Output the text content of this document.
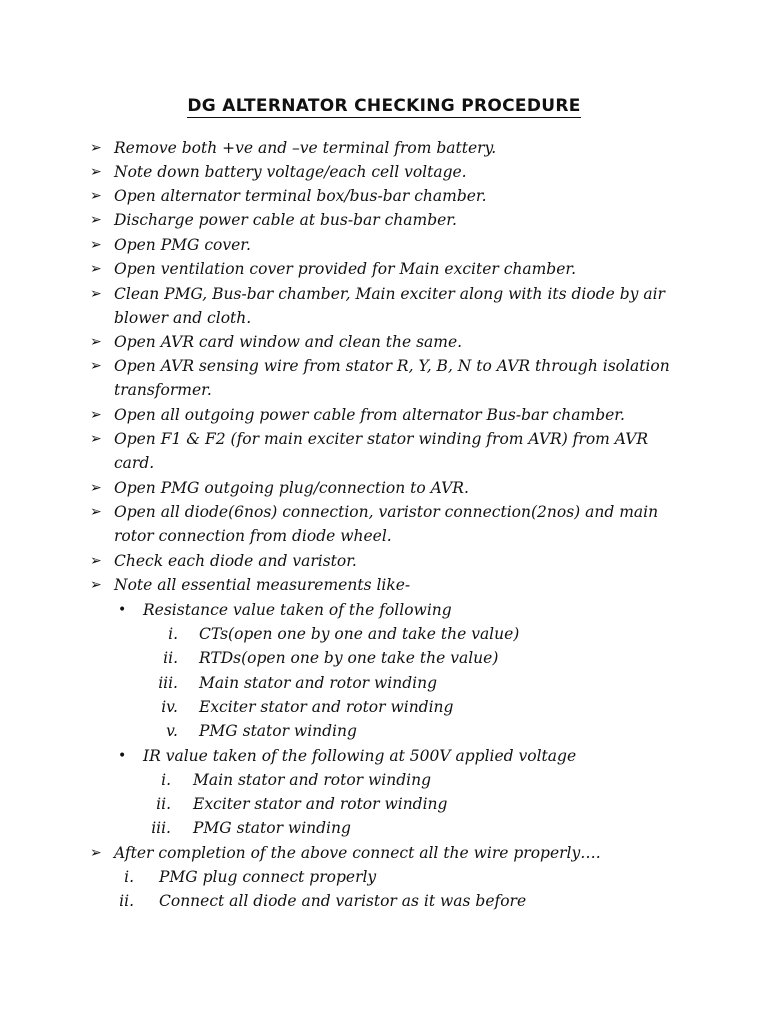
DG ALTERNATOR CHECKING PROCEDURE
➢ Remove both +ve and –ve terminal from battery.
➢ Note down battery voltage/each cell voltage.
➢ Open alternator terminal box/bus-bar chamber.
➢ Discharge power cable at bus-bar chamber.
➢ Open PMG cover.
➢ Open ventilation cover provided for Main exciter chamber.
➢ Clean PMG, Bus-bar chamber, Main exciter along with its diode by air blower and cloth.
➢ Open AVR card window and clean the same.
➢ Open AVR sensing wire from stator R, Y, B, N to AVR through isolation transformer.
➢ Open all outgoing power cable from alternator Bus-bar chamber.
➢ Open F1 & F2 (for main exciter stator winding from AVR) from AVR card.
➢ Open PMG outgoing plug/connection to AVR.
➢ Open all diode(6nos) connection, varistor connection(2nos) and main rotor connection from diode wheel.
➢ Check each diode and varistor.
➢ Note all essential measurements like-
• Resistance value taken of the following
i. CTs(open one by one and take the value)
ii. RTDs(open one by one take the value)
iii. Main stator and rotor winding
iv. Exciter stator and rotor winding
v. PMG stator winding
• IR value taken of the following at 500V applied voltage
i. Main stator and rotor winding
ii. Exciter stator and rotor winding
iii. PMG stator winding
➢ After completion of the above connect all the wire properly….
i. PMG plug connect properly
ii. Connect all diode and varistor as it was before
